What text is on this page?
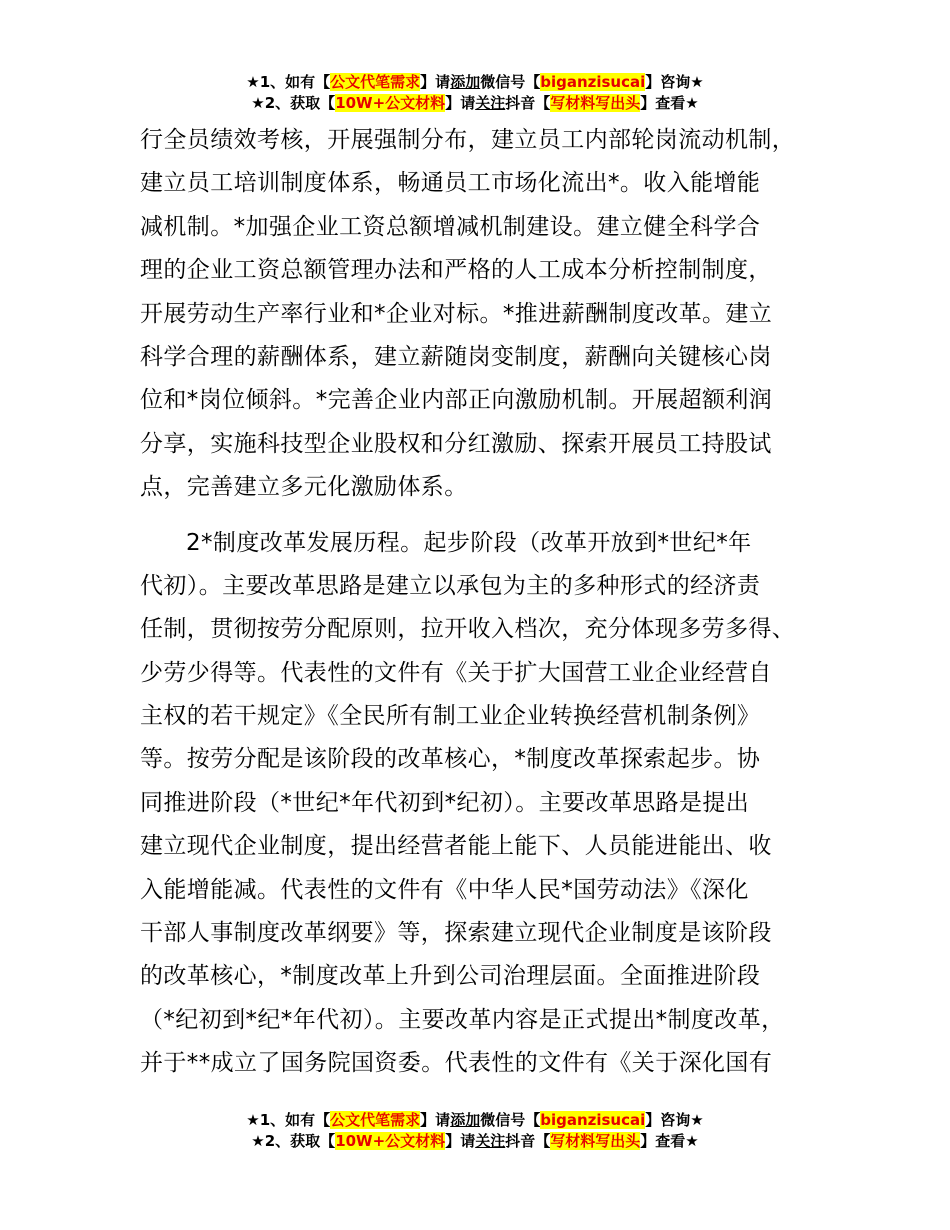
★1、如有【公文代笔需求】请添加微信号【biganzisucai】咨询★
★2、获取【10W+公文材料】请关注抖音【写材料写出头】查看★
行全员绩效考核，开展强制分布，建立员工内部轮岗流动机制，
建立员工培训制度体系，畅通员工市场化流出*。收入能增能
减机制。*加强企业工资总额增减机制建设。建立健全科学合
理的企业工资总额管理办法和严格的人工成本分析控制制度，
开展劳动生产率行业和*企业对标。*推进薪酬制度改革。建立
科学合理的薪酬体系，建立薪随岗变制度，薪酬向关键核心岗
位和*岗位倾斜。*完善企业内部正向激励机制。开展超额利润
分享，实施科技型企业股权和分红激励、探索开展员工持股试
点，完善建立多元化激励体系。
2*制度改革发展历程。起步阶段（改革开放到*世纪*年
代初）。主要改革思路是建立以承包为主的多种形式的经济责
任制，贯彻按劳分配原则，拉开收入档次，充分体现多劳多得、
少劳少得等。代表性的文件有《关于扩大国营工业企业经营自
主权的若干规定》《全民所有制工业企业转换经营机制条例》
等。按劳分配是该阶段的改革核心，*制度改革探索起步。协
同推进阶段（*世纪*年代初到*纪初）。主要改革思路是提出
建立现代企业制度，提出经营者能上能下、人员能进能出、收
入能增能减。代表性的文件有《中华人民*国劳动法》《深化
干部人事制度改革纲要》等，探索建立现代企业制度是该阶段
的改革核心，*制度改革上升到公司治理层面。全面推进阶段
（*纪初到*纪*年代初）。主要改革内容是正式提出*制度改革，
并于**成立了国务院国资委。代表性的文件有《关于深化国有
★1、如有【公文代笔需求】请添加微信号【biganzisucai】咨询★
★2、获取【10W+公文材料】请关注抖音【写材料写出头】查看★
